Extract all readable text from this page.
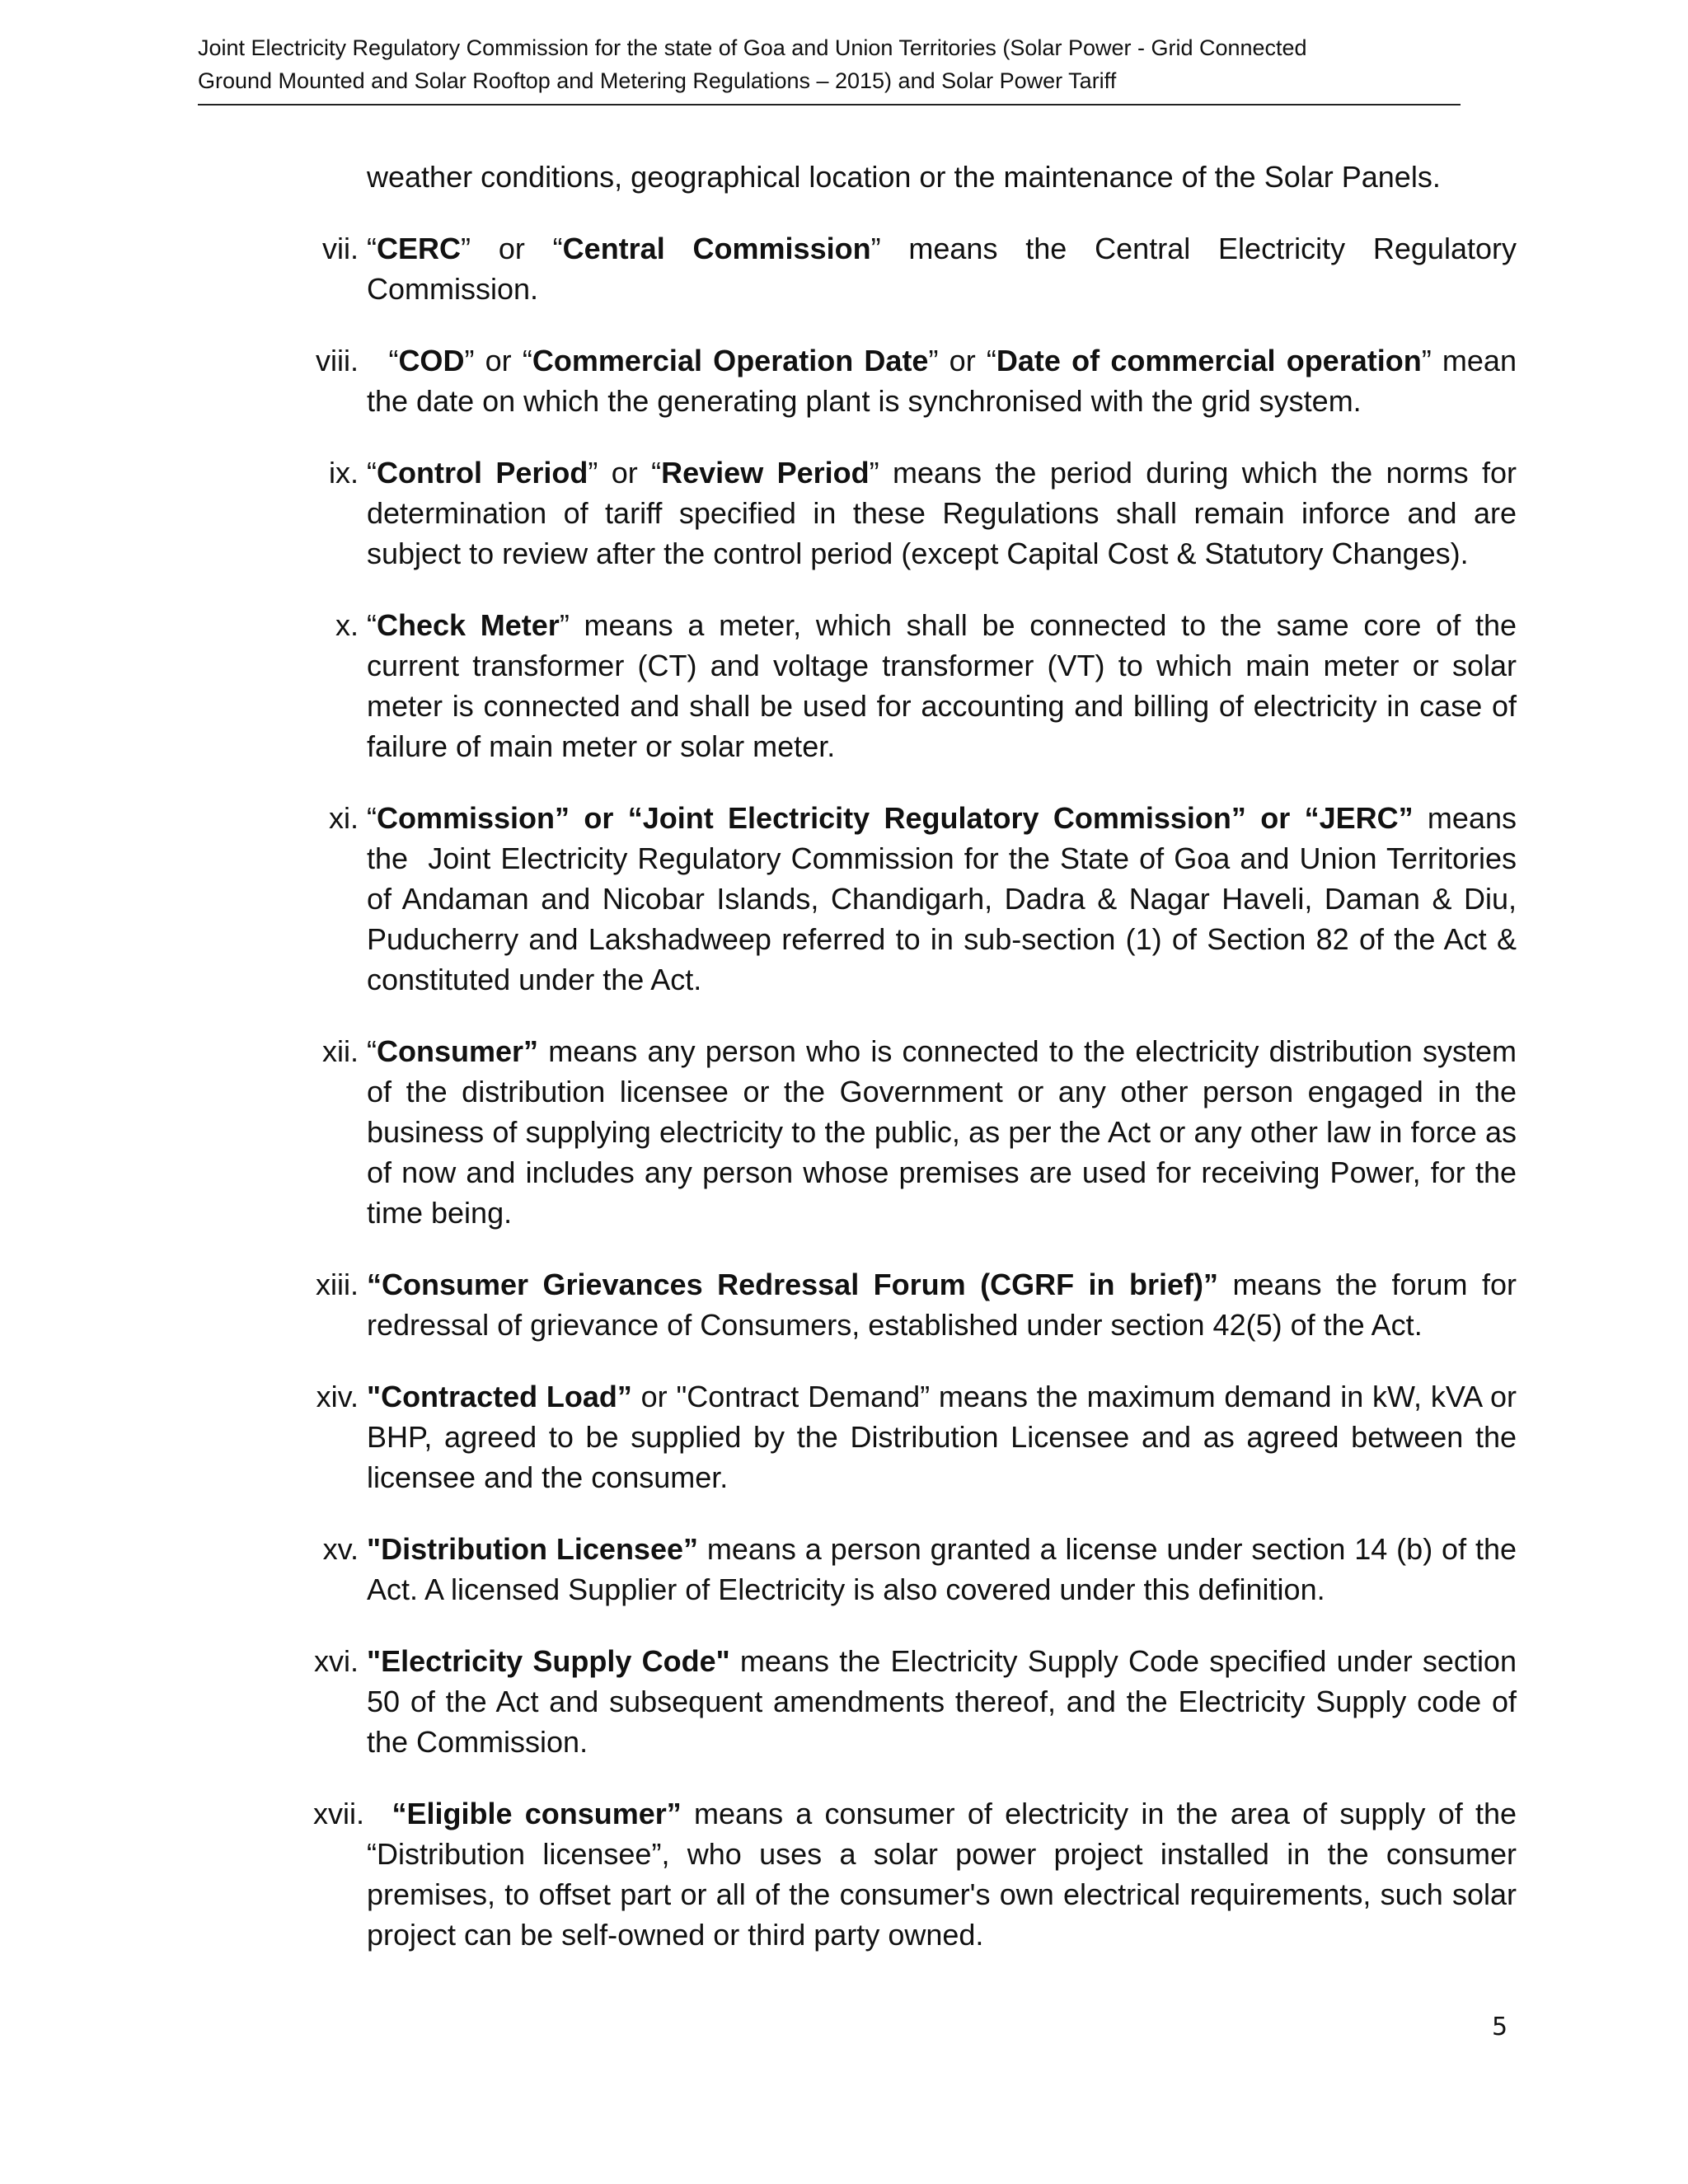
Joint Electricity Regulatory Commission for the state of Goa and Union Territories (Solar Power - Grid Connected
Ground Mounted and Solar Rooftop and Metering Regulations – 2015) and Solar Power Tariff
weather conditions, geographical location or the maintenance of the Solar Panels.
vii. “CERC” or “Central Commission” means the Central Electricity Regulatory Commission.
viii. “COD” or “Commercial Operation Date” or “Date of commercial operation” mean the date on which the generating plant is synchronised with the grid system.
ix. “Control Period” or “Review Period” means the period during which the norms for determination of tariff specified in these Regulations shall remain inforce and are subject to review after the control period (except Capital Cost & Statutory Changes).
x. “Check Meter” means a meter, which shall be connected to the same core of the current transformer (CT) and voltage transformer (VT) to which main meter or solar meter is connected and shall be used for accounting and billing of electricity in case of failure of main meter or solar meter.
xi. “Commission” or “Joint Electricity Regulatory Commission” or “JERC” means the  Joint Electricity Regulatory Commission for the State of Goa and Union Territories of Andaman and Nicobar Islands, Chandigarh, Dadra & Nagar Haveli, Daman & Diu, Puducherry and Lakshadweep referred to in sub-section (1) of Section 82 of the Act & constituted under the Act.
xii. “Consumer” means any person who is connected to the electricity distribution system of the distribution licensee or the Government or any other person engaged in the business of supplying electricity to the public, as per the Act or any other law in force as of now and includes any person whose premises are used for receiving Power, for the time being.
xiii. “Consumer Grievances Redressal Forum (CGRF in brief)” means the forum for redressal of grievance of Consumers, established under section 42(5) of the Act.
xiv. "Contracted Load” or "Contract Demand” means the maximum demand in kW, kVA or BHP, agreed to be supplied by the Distribution Licensee and as agreed between the licensee and the consumer.
xv. "Distribution Licensee” means a person granted a license under section 14 (b) of the Act. A licensed Supplier of Electricity is also covered under this definition.
xvi. "Electricity Supply Code" means the Electricity Supply Code specified under section 50 of the Act and subsequent amendments thereof, and the Electricity Supply code of the Commission.
xvii. “Eligible consumer” means a consumer of electricity in the area of supply of the “Distribution licensee”, who uses a solar power project installed in the consumer premises, to offset part or all of the consumer's own electrical requirements, such solar project can be self-owned or third party owned.
5
